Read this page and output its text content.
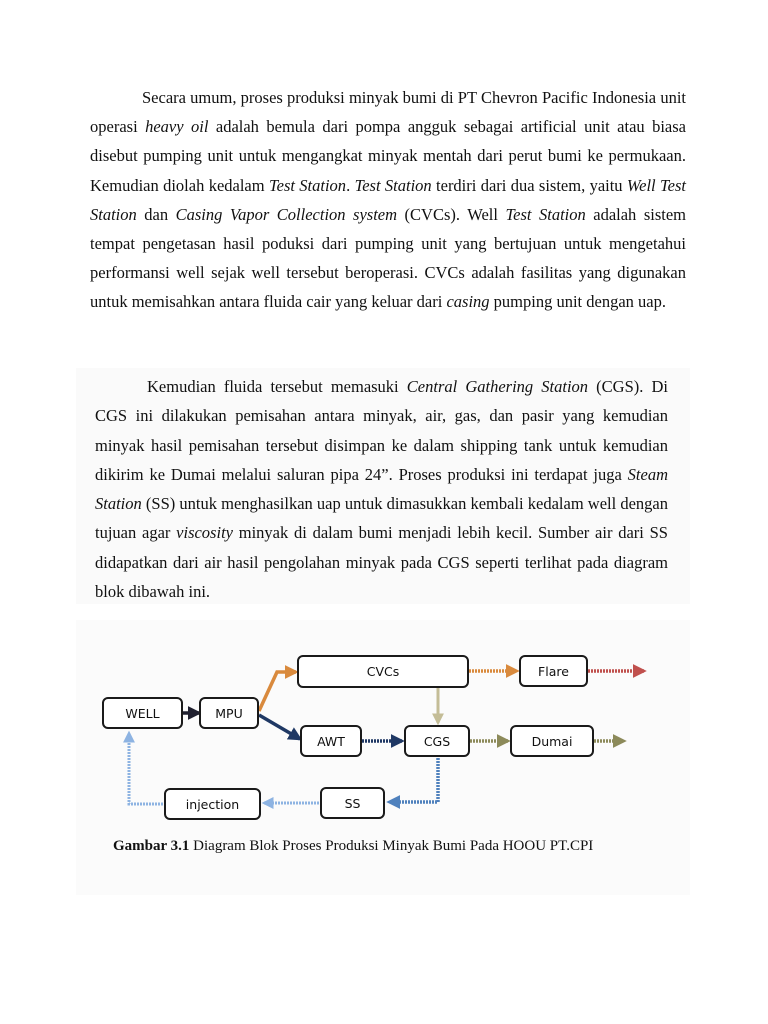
Secara umum, proses produksi minyak bumi di PT Chevron Pacific Indonesia unit operasi heavy oil adalah bemula dari pompa angguk sebagai artificial unit atau biasa disebut pumping unit untuk mengangkat minyak mentah dari perut bumi ke permukaan. Kemudian diolah kedalam Test Station. Test Station terdiri dari dua sistem, yaitu Well Test Station dan Casing Vapor Collection system (CVCs). Well Test Station adalah sistem tempat pengetasan hasil poduksi dari pumping unit yang bertujuan untuk mengetahui performansi well sejak well tersebut beroperasi. CVCs adalah fasilitas yang digunakan untuk memisahkan antara fluida cair yang keluar dari casing pumping unit dengan uap.
Kemudian fluida tersebut memasuki Central Gathering Station (CGS). Di CGS ini dilakukan pemisahan antara minyak, air, gas, dan pasir yang kemudian minyak hasil pemisahan tersebut disimpan ke dalam shipping tank untuk kemudian dikirim ke Dumai melalui saluran pipa 24”. Proses produksi ini terdapat juga Steam Station (SS) untuk menghasilkan uap untuk dimasukkan kembali kedalam well dengan tujuan agar viscosity minyak di dalam bumi menjadi lebih kecil. Sumber air dari SS didapatkan dari air hasil pengolahan minyak pada CGS seperti terlihat pada diagram blok dibawah ini.
WELL	MPU
CVCs	Flare
AWT	CGS	Dumai
SS
injection
Gambar 3.1 Diagram Blok Proses Produksi Minyak Bumi Pada HOOU PT.CPI
